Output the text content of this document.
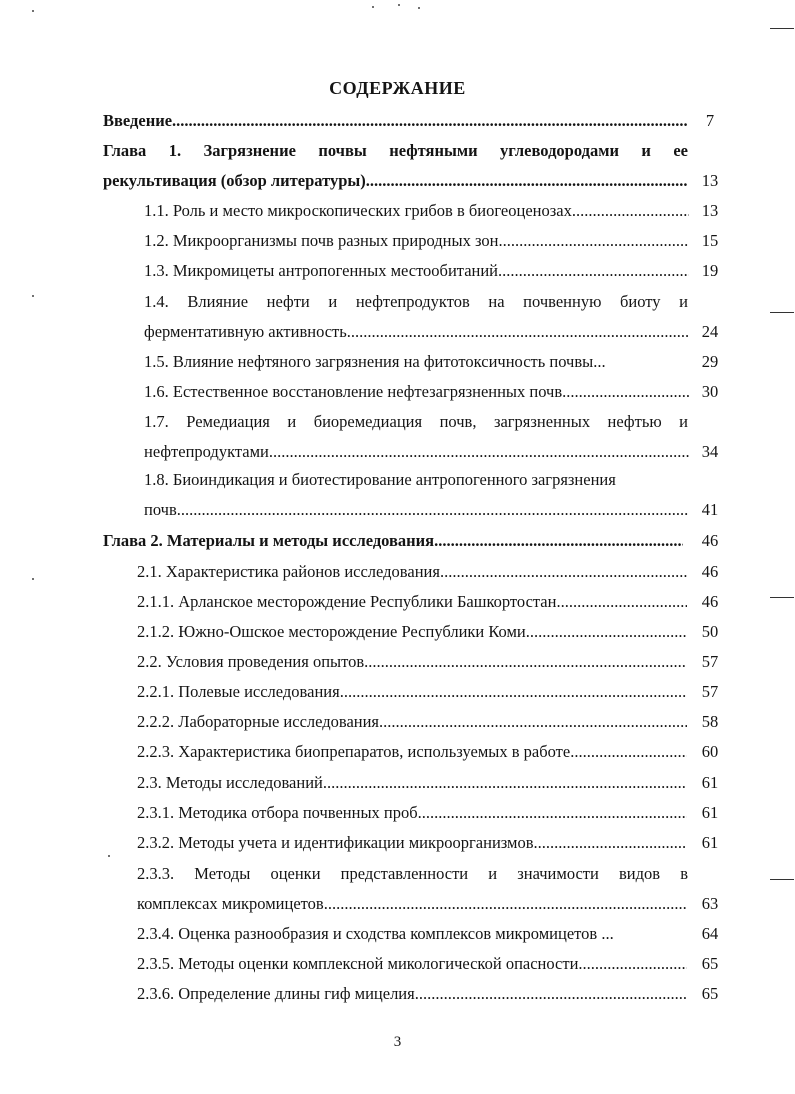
СОДЕРЖАНИЕ
Введение .....	7
Глава 1. Загрязнение почвы нефтяными углеводородами и ее
рекультивация (обзор литературы) .....	13
1.1. Роль и место микроскопических грибов в биогеоценозах .....	13
1.2. Микроорганизмы почв разных природных зон .....	15
1.3. Микромицеты антропогенных местообитаний .....	19
1.4. Влияние нефти и нефтепродуктов на почвенную биоту и
ферментативную активность .....	24
1.5. Влияние нефтяного загрязнения на фитотоксичность почвы...	29
1.6. Естественное восстановление нефтезагрязненных почв .....	30
1.7. Ремедиация и биоремедиация почв, загрязненных нефтью и
нефтепродуктами .....	34
1.8. Биоиндикация и биотестирование антропогенного загрязнения
почв .....	41
Глава 2. Материалы и методы исследования .....	46
2.1. Характеристика районов исследования .....	46
2.1.1. Арланское месторождение Республики Башкортостан .....	46
2.1.2. Южно-Ошское месторождение Республики Коми .....	50
2.2. Условия проведения опытов .....	57
2.2.1. Полевые исследования .....	57
2.2.2. Лабораторные исследования .....	58
2.2.3. Характеристика биопрепаратов, используемых в работе .....	60
2.3. Методы исследований .....	61
2.3.1. Методика отбора почвенных проб .....	61
2.3.2. Методы учета и идентификации микроорганизмов .....	61
2.3.3. Методы оценки представленности и значимости видов в
комплексах микромицетов .....	63
2.3.4. Оценка разнообразия и сходства комплексов микромицетов ...	64
2.3.5. Методы оценки комплексной микологической опасности .....	65
2.3.6. Определение длины гиф мицелия .....	65
3
